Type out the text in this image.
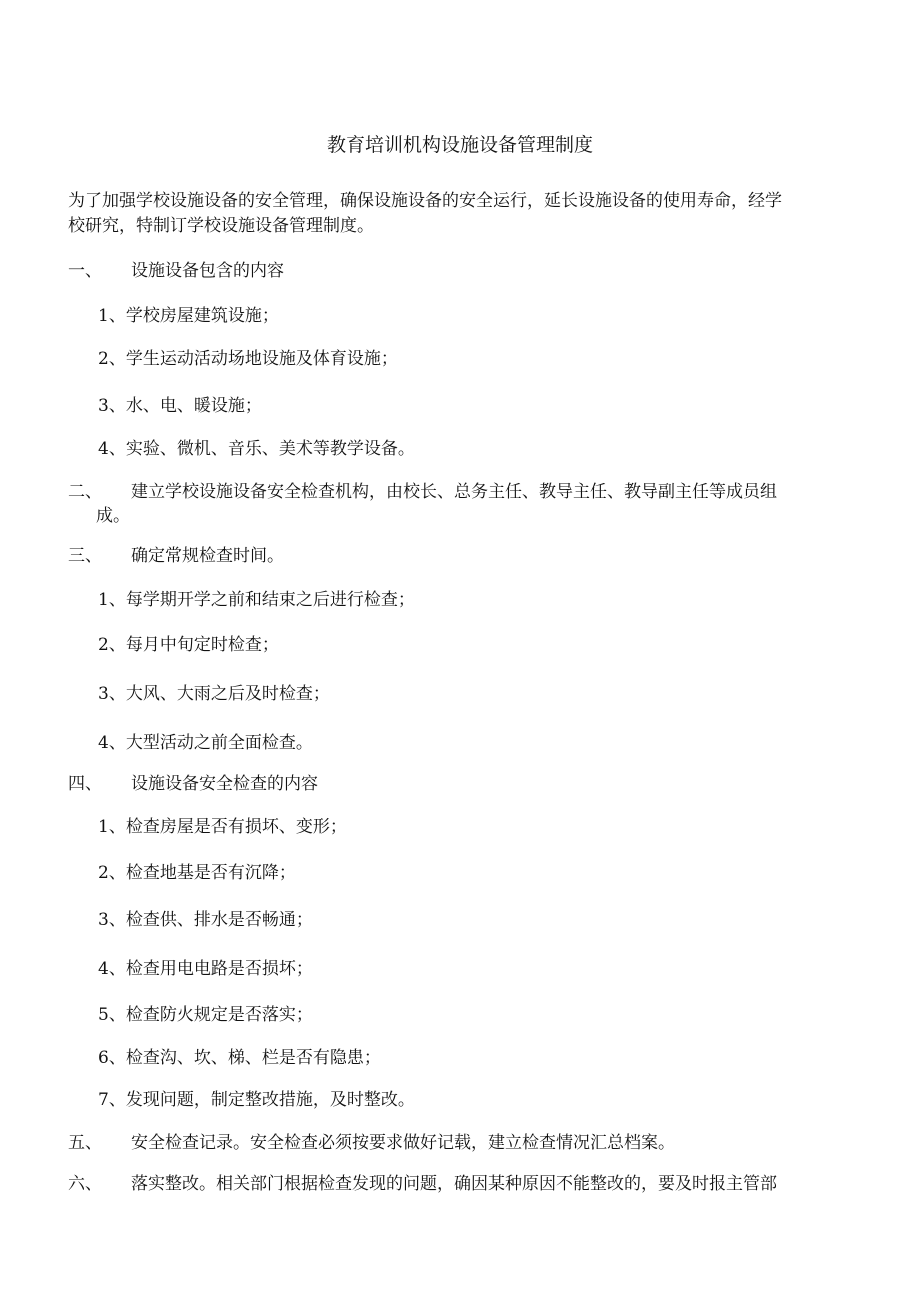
教育培训机构设施设备管理制度
为了加强学校设施设备的安全管理，确保设施设备的安全运行，延长设施设备的使用寿命，经学
校研究，特制订学校设施设备管理制度。
一、 设施设备包含的内容
1、学校房屋建筑设施；
2、学生运动活动场地设施及体育设施；
3、水、电、暖设施；
4、实验、微机、音乐、美术等教学设备。
二、 建立学校设施设备安全检查机构，由校长、总务主任、教导主任、教导副主任等成员组
成。
三、 确定常规检查时间。
1、每学期开学之前和结束之后进行检查；
2、每月中旬定时检查；
3、大风、大雨之后及时检查；
4、大型活动之前全面检查。
四、 设施设备安全检查的内容
1、检查房屋是否有损坏、变形；
2、检查地基是否有沉降；
3、检查供、排水是否畅通；
4、检查用电电路是否损坏；
5、检查防火规定是否落实；
6、检查沟、坎、梯、栏是否有隐患；
7、发现问题，制定整改措施，及时整改。
五、 安全检查记录。安全检查必须按要求做好记载，建立检查情况汇总档案。
六、 落实整改。相关部门根据检查发现的问题，确因某种原因不能整改的，要及时报主管部
